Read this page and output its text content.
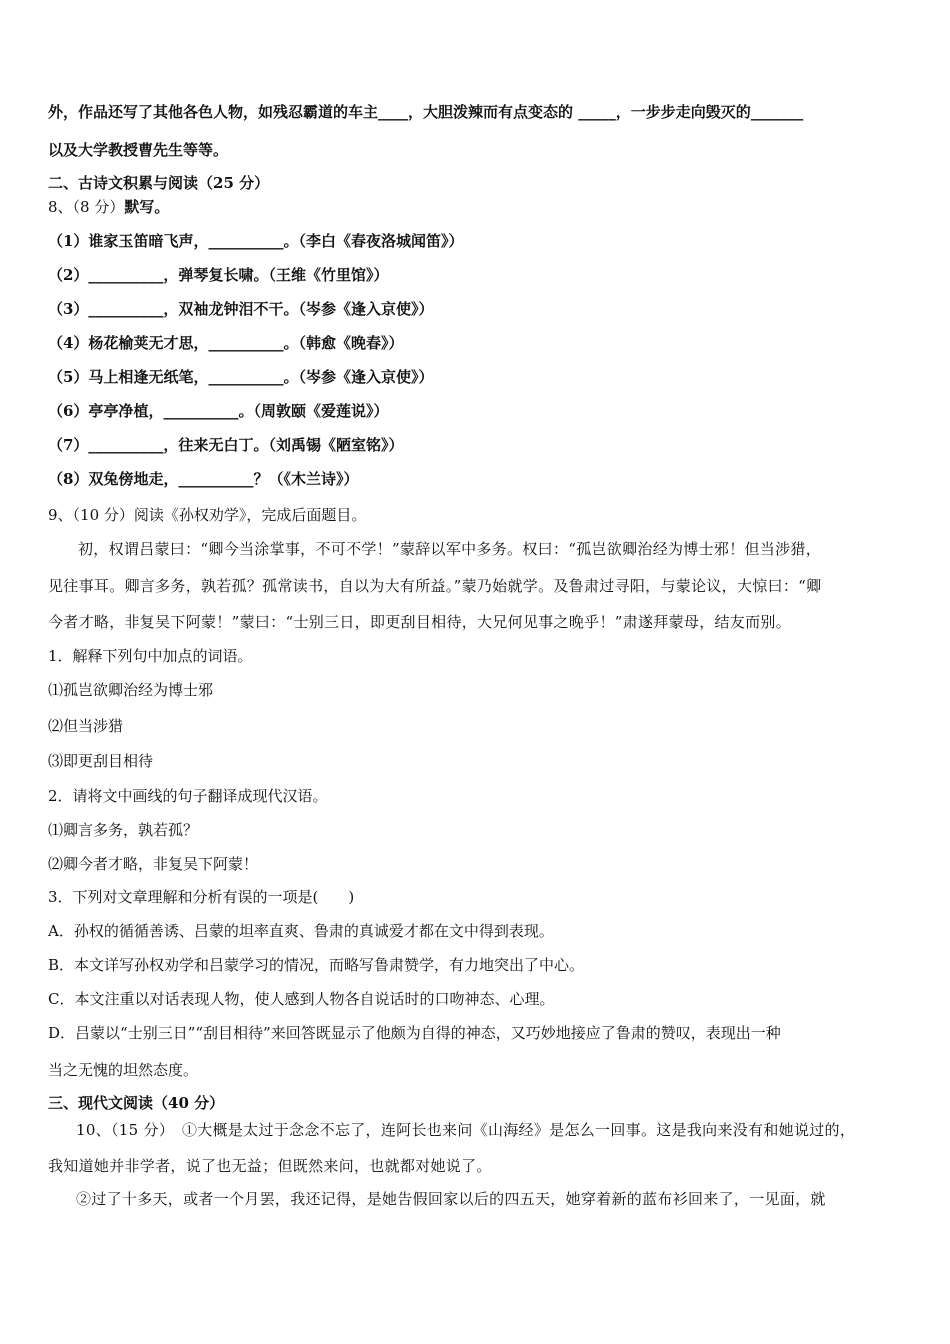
外，作品还写了其他各色人物，如残忍霸道的车主____，大胆泼辣而有点变态的 _____，一步步走向毁灭的_______
以及大学教授曹先生等等。
二、古诗文积累与阅读（25 分）
8、（8 分）默写。
（1）谁家玉笛暗飞声，__________。（李白《春夜洛城闻笛》）
（2）__________，弹琴复长啸。（王维《竹里馆》）
（3）__________，双袖龙钟泪不干。（岑参《逢入京使》）
（4）杨花榆荚无才思，__________。（韩愈《晚春》）
（5）马上相逢无纸笔，__________。（岑参《逢入京使》）
（6）亭亭净植，__________。（周敦颐《爱莲说》）
（7）__________，往来无白丁。（刘禹锡《陋室铭》）
（8）双兔傍地走，__________？（《木兰诗》）
9、（10 分）阅读《孙权劝学》，完成后面题目。
初，权谓吕蒙曰：“卿今当涂掌事，不可不学！”蒙辞以军中多务。权曰：“孤岂欲卿治经为博士邪！但当涉猎，
见往事耳。卿言多务，孰若孤？孤常读书，自以为大有所益。”蒙乃始就学。及鲁肃过寻阳，与蒙论议，大惊曰：“卿
今者才略，非复吴下阿蒙！”蒙曰：“士别三日，即更刮目相待，大兄何见事之晚乎！”肃遂拜蒙母，结友而别。
1．解释下列句中加点的词语。
⑴孤岂欲卿治经为博士邪
⑵但当涉猎
⑶即更刮目相待
2．请将文中画线的句子翻译成现代汉语。
⑴卿言多务，孰若孤？
⑵卿今者才略，非复吴下阿蒙！
3．下列对文章理解和分析有误的一项是(　　)
A．孙权的循循善诱、吕蒙的坦率直爽、鲁肃的真诚爱才都在文中得到表现。
B．本文详写孙权劝学和吕蒙学习的情况，而略写鲁肃赞学，有力地突出了中心。
C．本文注重以对话表现人物，使人感到人物各自说话时的口吻神态、心理。
D．吕蒙以“士别三日”“刮目相待”来回答既显示了他颇为自得的神态，又巧妙地接应了鲁肃的赞叹，表现出一种
当之无愧的坦然态度。
三、现代文阅读（40 分）
10、（15 分）　①大概是太过于念念不忘了，连阿长也来问《山海经》是怎么一回事。这是我向来没有和她说过的，
我知道她并非学者，说了也无益；但既然来问，也就都对她说了。
②过了十多天，或者一个月罢，我还记得，是她告假回家以后的四五天，她穿着新的蓝布衫回来了，一见面，就
